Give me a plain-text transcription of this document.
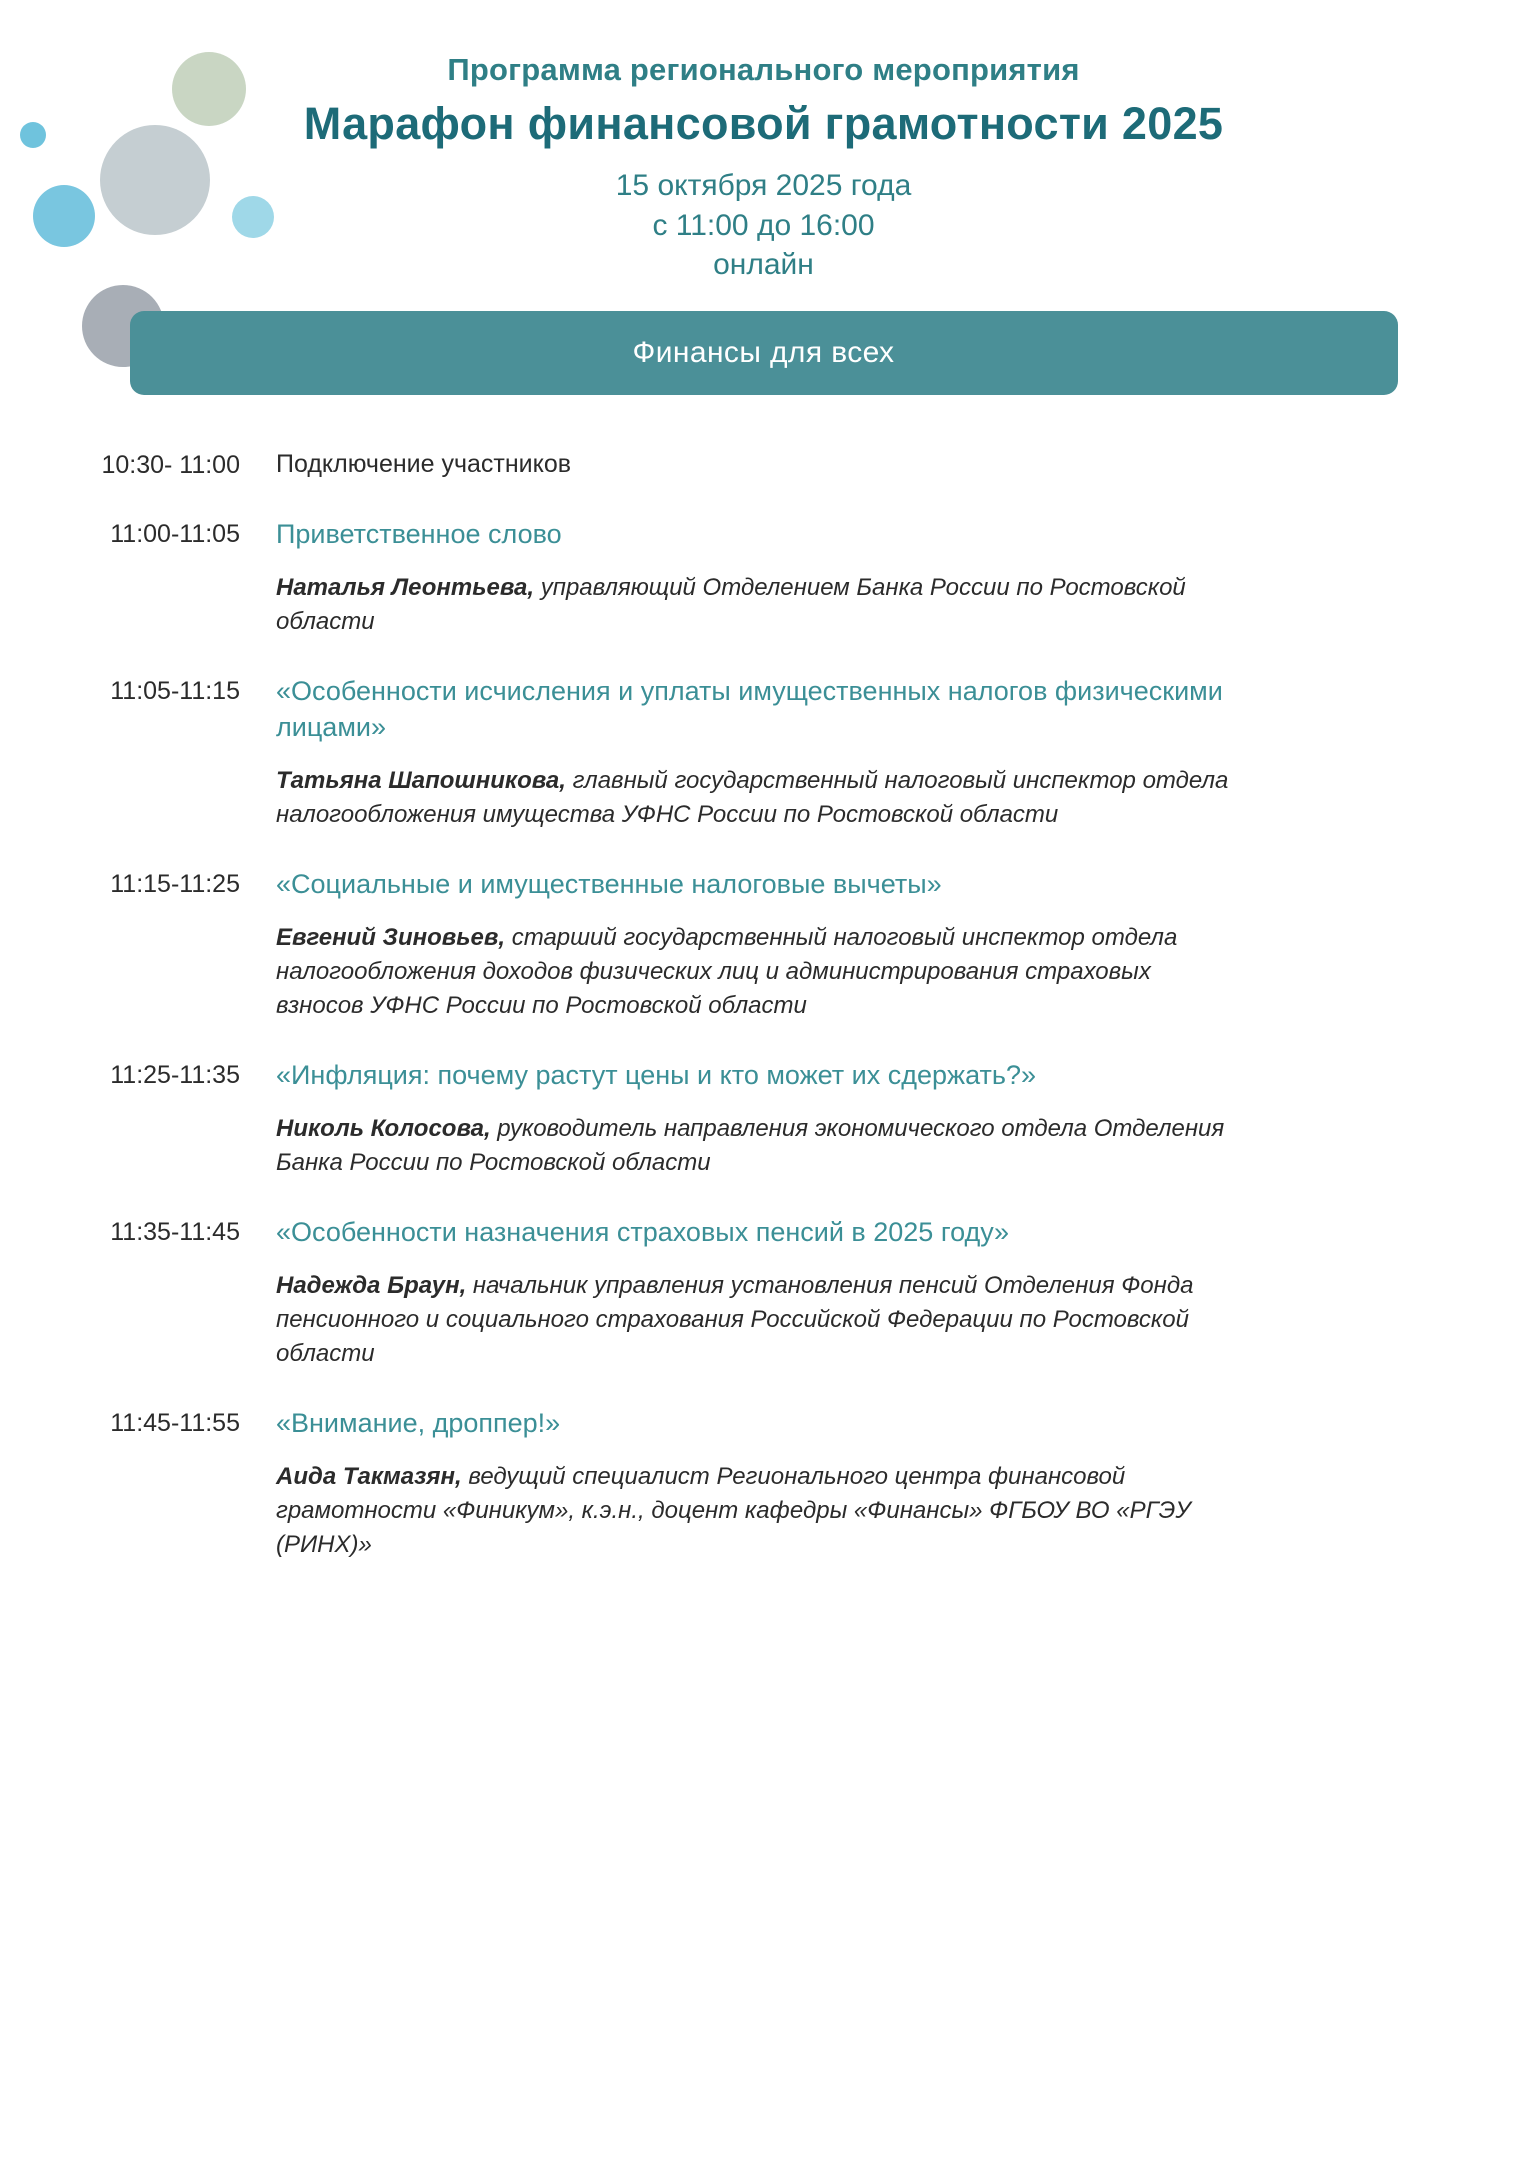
Программа регионального мероприятия
Марафон финансовой грамотности 2025
15 октября 2025 года
с 11:00 до 16:00
онлайн
Финансы для всех
10:30- 11:00	Подключение участников
11:00-11:05	Приветственное слово
Наталья Леонтьева, управляющий Отделением Банка России по Ростовской области
11:05-11:15	«Особенности исчисления и уплаты имущественных налогов физическими лицами»
Татьяна Шапошникова, главный государственный налоговый инспектор отдела налогообложения имущества УФНС России по Ростовской области
11:15-11:25	«Социальные и имущественные налоговые вычеты»
Евгений Зиновьев, старший государственный налоговый инспектор отдела налогообложения доходов физических лиц и администрирования страховых взносов УФНС России по Ростовской области
11:25-11:35	«Инфляция: почему растут цены и кто может их сдержать?»
Николь Колосова, руководитель направления экономического отдела Отделения Банка России по Ростовской области
11:35-11:45	«Особенности назначения страховых пенсий в 2025 году»
Надежда Браун, начальник управления установления пенсий Отделения Фонда пенсионного и социального страхования Российской Федерации по Ростовской области
11:45-11:55	«Внимание, дроппер!»
Аида Такмазян, ведущий специалист Регионального центра финансовой грамотности «Финикум», к.э.н., доцент кафедры «Финансы» ФГБОУ ВО «РГЭУ (РИНХ)»
